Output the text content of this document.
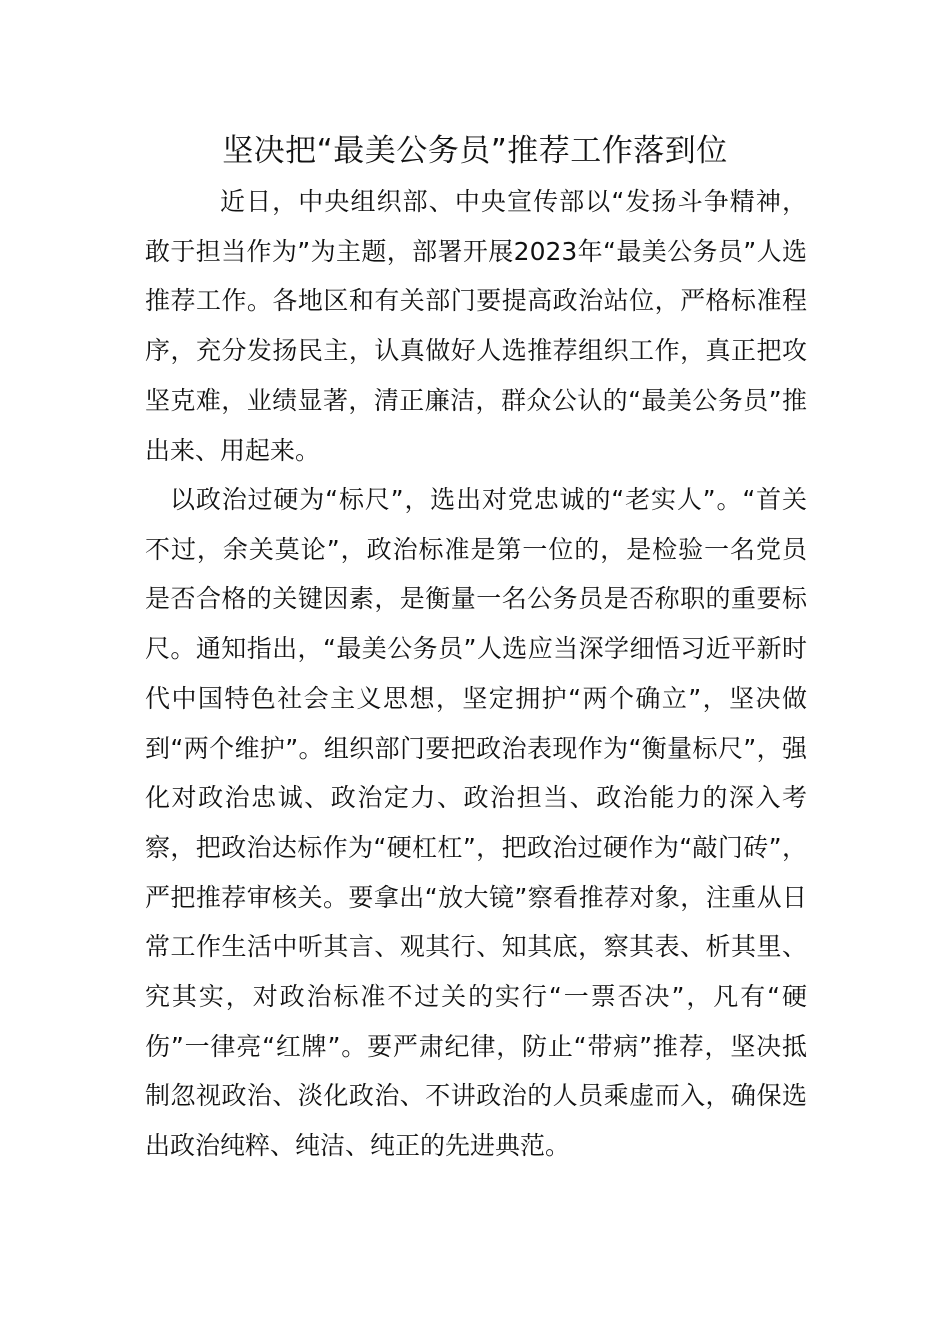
坚决把“最美公务员”推荐工作落到位

近日，中央组织部、中央宣传部以“发扬斗争精神，敢于担当作为”为主题，部署开展2023年“最美公务员”人选推荐工作。各地区和有关部门要提高政治站位，严格标准程序，充分发扬民主，认真做好人选推荐组织工作，真正把攻坚克难，业绩显著，清正廉洁，群众公认的“最美公务员”推出来、用起来。

以政治过硬为“标尺”，选出对党忠诚的“老实人”。“首关不过，余关莫论”，政治标准是第一位的，是检验一名党员是否合格的关键因素，是衡量一名公务员是否称职的重要标尺。通知指出，“最美公务员”人选应当深学细悟习近平新时代中国特色社会主义思想，坚定拥护“两个确立”，坚决做到“两个维护”。组织部门要把政治表现作为“衡量标尺”，强化对政治忠诚、政治定力、政治担当、政治能力的深入考察，把政治达标作为“硬杠杠”，把政治过硬作为“敲门砖”，严把推荐审核关。要拿出“放大镜”察看推荐对象，注重从日常工作生活中听其言、观其行、知其底，察其表、析其里、究其实，对政治标准不过关的实行“一票否决”，凡有“硬伤”一律亮“红牌”。要严肃纪律，防止“带病”推荐，坚决抵制忽视政治、淡化政治、不讲政治的人员乘虚而入，确保选出政治纯粹、纯洁、纯正的先进典范。
